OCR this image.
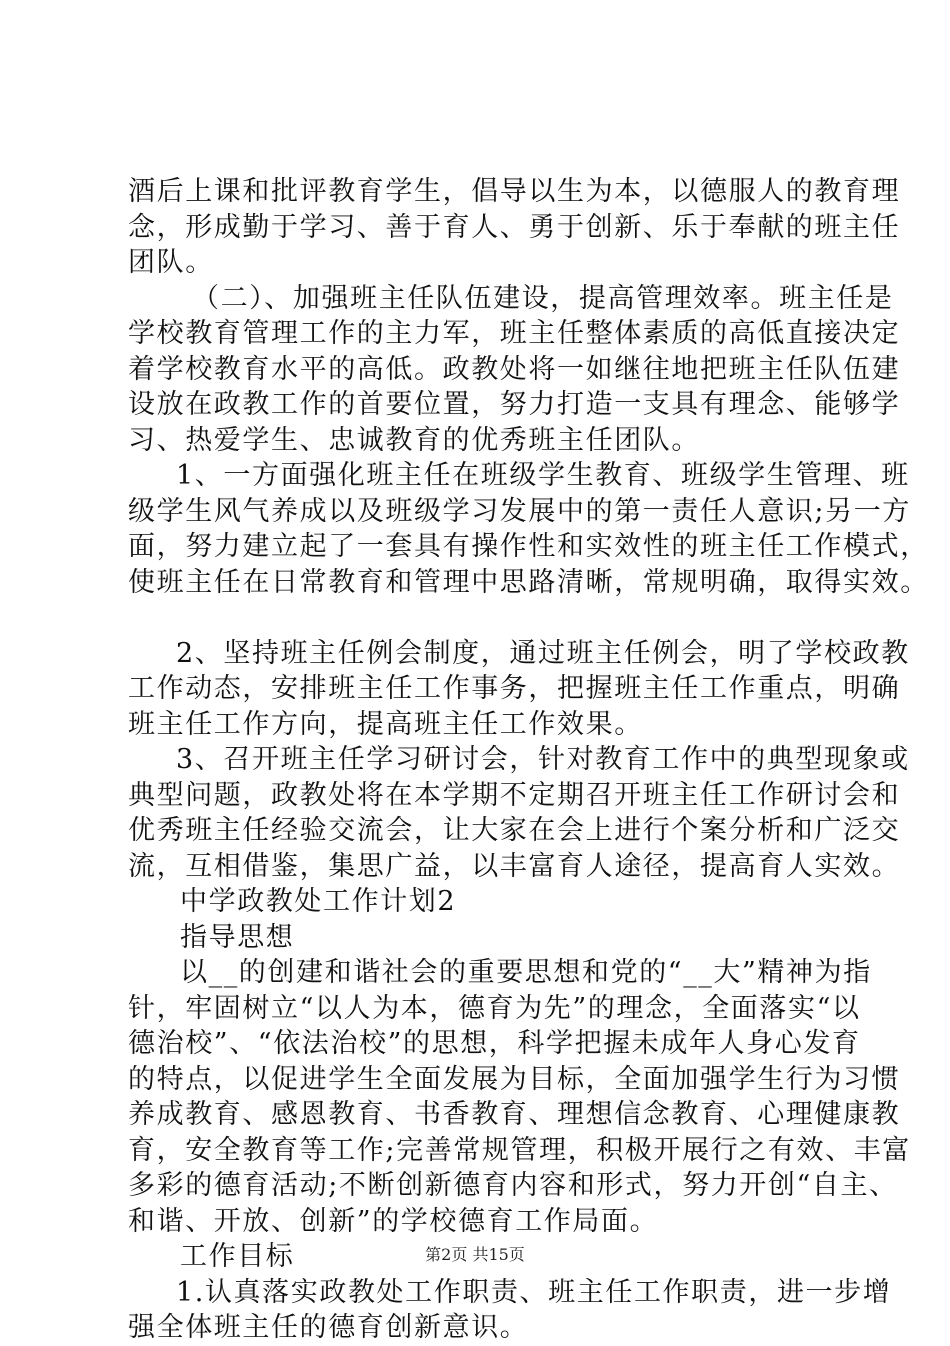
酒后上课和批评教育学生，倡导以生为本，以德服人的教育理
念，形成勤于学习、善于育人、勇于创新、乐于奉献的班主任
团队。
（二）、加强班主任队伍建设，提高管理效率。班主任是
学校教育管理工作的主力军，班主任整体素质的高低直接决定
着学校教育水平的高低。政教处将一如继往地把班主任队伍建
设放在政教工作的首要位置，努力打造一支具有理念、能够学
习、热爱学生、忠诚教育的优秀班主任团队。
1、一方面强化班主任在班级学生教育、班级学生管理、班
级学生风气养成以及班级学习发展中的第一责任人意识;另一方
面，努力建立起了一套具有操作性和实效性的班主任工作模式，
使班主任在日常教育和管理中思路清晰，常规明确，取得实效。
2、坚持班主任例会制度，通过班主任例会，明了学校政教
工作动态，安排班主任工作事务，把握班主任工作重点，明确
班主任工作方向，提高班主任工作效果。
3、召开班主任学习研讨会，针对教育工作中的典型现象或
典型问题，政教处将在本学期不定期召开班主任工作研讨会和
优秀班主任经验交流会，让大家在会上进行个案分析和广泛交
流，互相借鉴，集思广益，以丰富育人途径，提高育人实效。
中学政教处工作计划2
指导思想
以__的创建和谐社会的重要思想和党的“__大”精神为指
针，牢固树立“以人为本，德育为先”的理念，全面落实“以
德治校”、“依法治校”的思想，科学把握未成年人身心发育
的特点，以促进学生全面发展为目标，全面加强学生行为习惯
养成教育、感恩教育、书香教育、理想信念教育、心理健康教
育，安全教育等工作;完善常规管理，积极开展行之有效、丰富
多彩的德育活动;不断创新德育内容和形式，努力开创“自主、
和谐、开放、创新”的学校德育工作局面。
工作目标
1.认真落实政教处工作职责、班主任工作职责，进一步增
强全体班主任的德育创新意识。
第2页 共15页
